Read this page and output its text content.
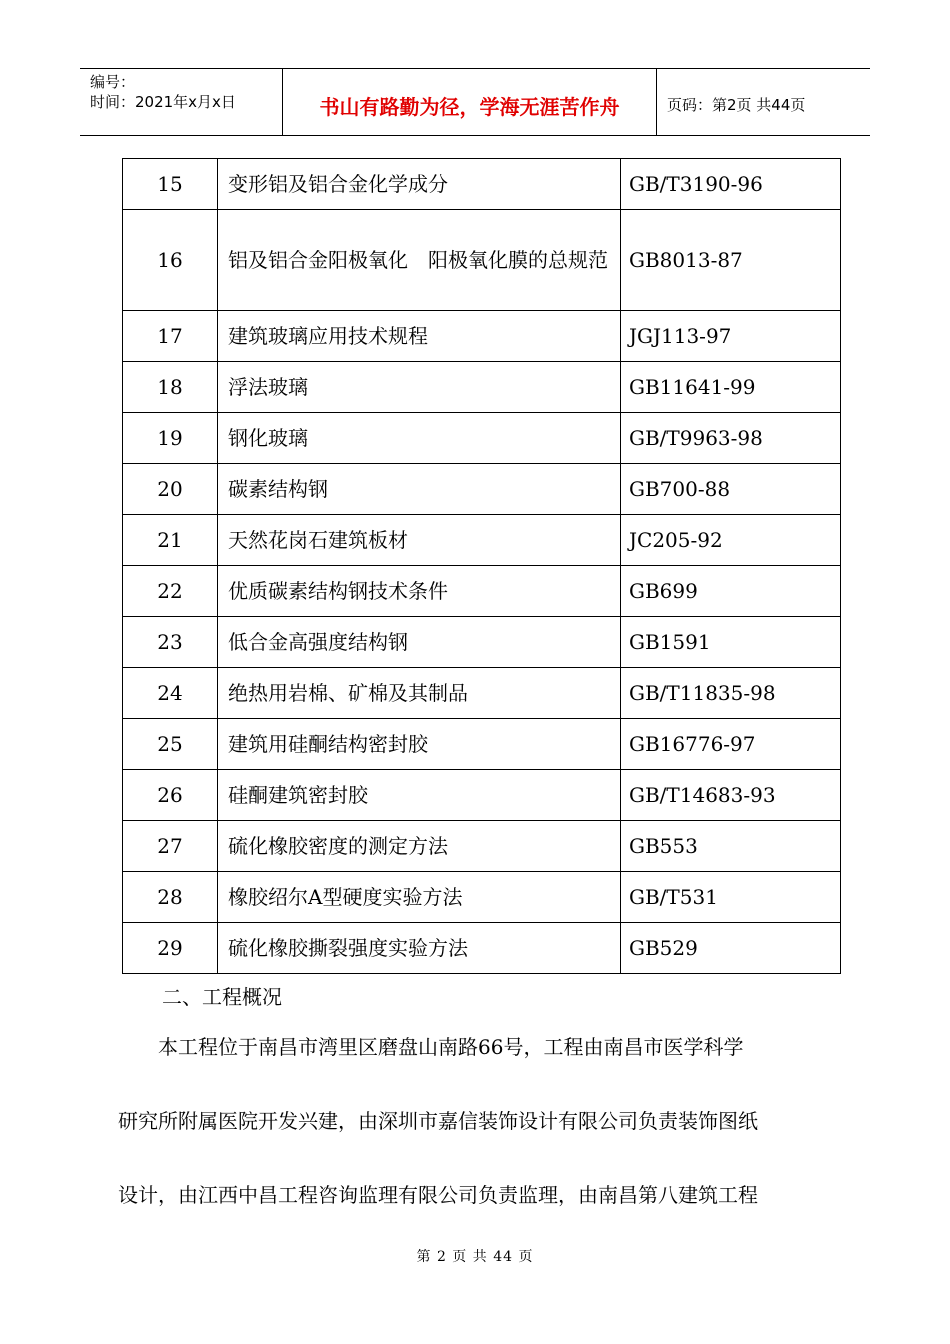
编号：
时间：2021年x月x日	书山有路勤为径，学海无涯苦作舟	页码：第2页 共44页
15	变形铝及铝合金化学成分	GB/T3190-96
16	铝及铝合金阳极氧化　阳极氧化膜的总规范	GB8013-87
17	建筑玻璃应用技术规程	JGJ113-97
18	浮法玻璃	GB11641-99
19	钢化玻璃	GB/T9963-98
20	碳素结构钢	GB700-88
21	天然花岗石建筑板材	JC205-92
22	优质碳素结构钢技术条件	GB699
23	低合金高强度结构钢	GB1591
24	绝热用岩棉、矿棉及其制品	GB/T11835-98
25	建筑用硅酮结构密封胶	GB16776-97
26	硅酮建筑密封胶	GB/T14683-93
27	硫化橡胶密度的测定方法	GB553
28	橡胶绍尔A型硬度实验方法	GB/T531
29	硫化橡胶撕裂强度实验方法	GB529
二、工程概况
本工程位于南昌市湾里区磨盘山南路66号，工程由南昌市医学科学
研究所附属医院开发兴建，由深圳市嘉信装饰设计有限公司负责装饰图纸
设计，由江西中昌工程咨询监理有限公司负责监理，由南昌第八建筑工程
第 2 页 共 44 页
